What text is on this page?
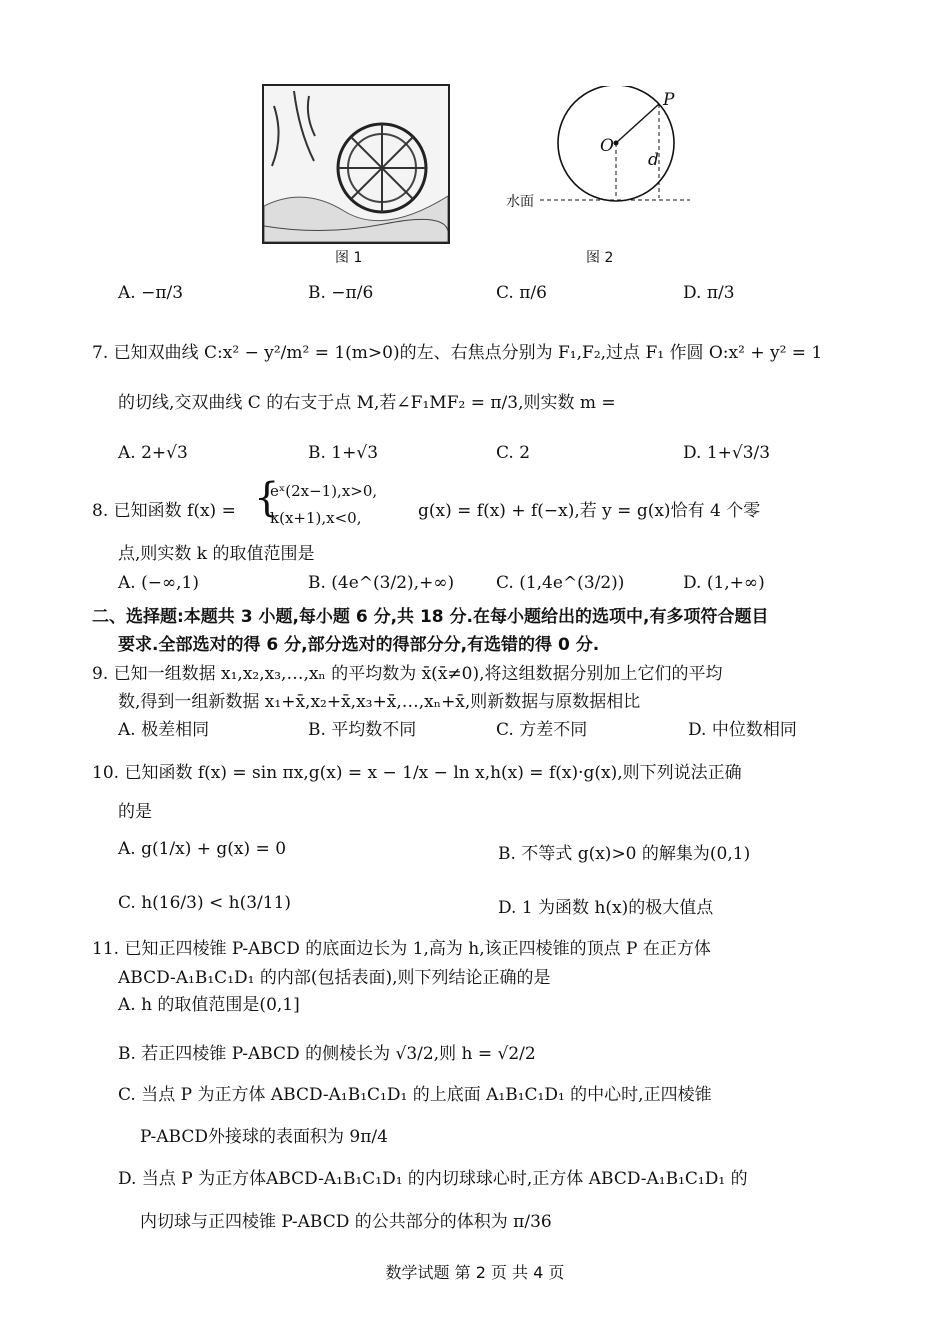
图 1
P
O
d
水面
图 2
A. −π/3	B. −π/6	C. π/6	D. π/3
7. 已知双曲线 C:x² − y²/m² = 1(m>0)的左、右焦点分别为 F₁,F₂,过点 F₁ 作圆 O:x² + y² = 1
的切线,交双曲线 C 的右支于点 M,若∠F₁MF₂ = π/3,则实数 m =
A. 2+√3	B. 1+√3	C. 2	D. 1+√3/3
8. 已知函数 f(x) = {
eˣ(2x−1),x>0,
k(x+1),x<0,	g(x) = f(x) + f(−x),若 y = g(x)恰有 4 个零
点,则实数 k 的取值范围是
A. (−∞,1)	B. (4e^(3/2),+∞) C. (1,4e^(3/2))	D. (1,+∞)
二、选择题:本题共 3 小题,每小题 6 分,共 18 分.在每小题给出的选项中,有多项符合题目
要求.全部选对的得 6 分,部分选对的得部分分,有选错的得 0 分.
9. 已知一组数据 x₁,x₂,x₃,…,xₙ 的平均数为 x̄(x̄≠0),将这组数据分别加上它们的平均
数,得到一组新数据 x₁+x̄,x₂+x̄,x₃+x̄,…,xₙ+x̄,则新数据与原数据相比
A. 极差相同	B. 平均数不同	C. 方差不同	D. 中位数相同
10. 已知函数 f(x) = sin πx,g(x) = x − 1/x − ln x,h(x) = f(x)·g(x),则下列说法正确
的是
A. g(1/x) + g(x) = 0	B. 不等式 g(x)>0 的解集为(0,1)
C. h(16/3) < h(3/11)	D. 1 为函数 h(x)的极大值点
11. 已知正四棱锥 P-ABCD 的底面边长为 1,高为 h,该正四棱锥的顶点 P 在正方体
ABCD-A₁B₁C₁D₁ 的内部(包括表面),则下列结论正确的是
A. h 的取值范围是(0,1]
B. 若正四棱锥 P-ABCD 的侧棱长为 √3/2,则 h = √2/2
C. 当点 P 为正方体 ABCD-A₁B₁C₁D₁ 的上底面 A₁B₁C₁D₁ 的中心时,正四棱锥
P-ABCD外接球的表面积为 9π/4
D. 当点 P 为正方体ABCD-A₁B₁C₁D₁ 的内切球球心时,正方体 ABCD-A₁B₁C₁D₁ 的
内切球与正四棱锥 P-ABCD 的公共部分的体积为 π/36
数学试题 第 2 页 共 4 页
